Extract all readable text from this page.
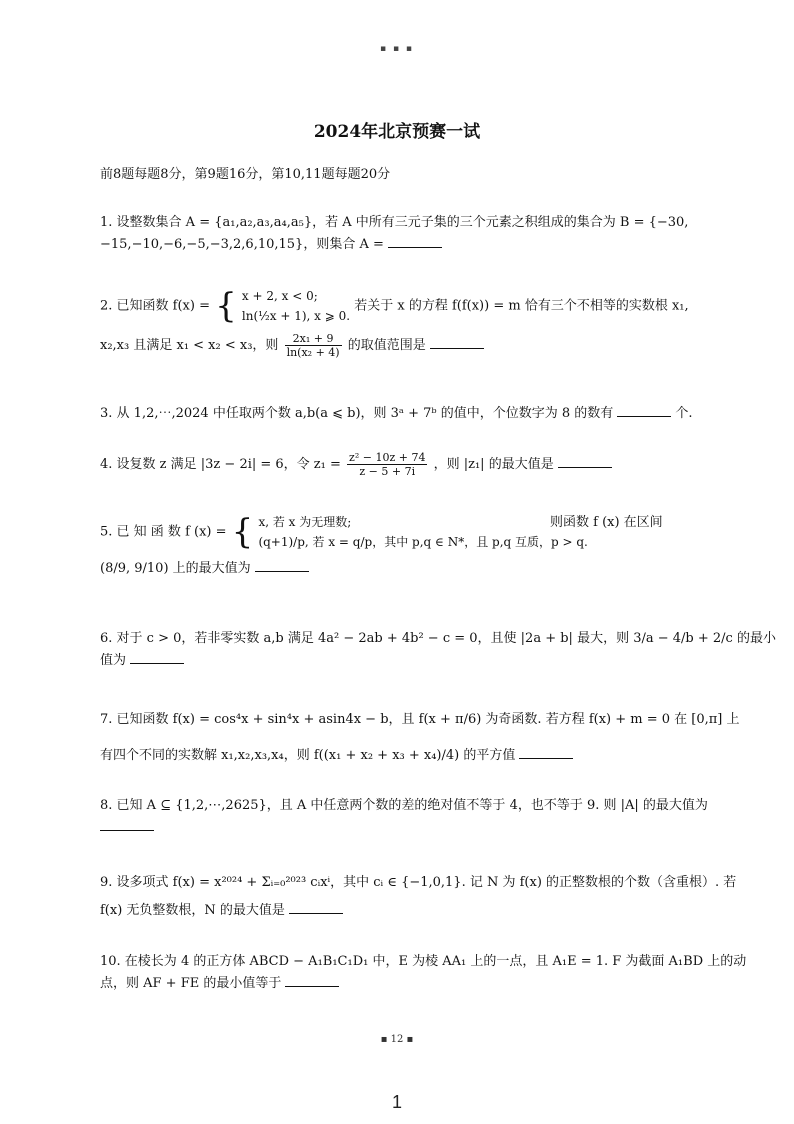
▪ ▪ ▪
2024年北京预赛一试
前8题每题8分，第9题16分，第10,11题每题20分
1. 设整数集合 A = {a₁,a₂,a₃,a₄,a₅}，若 A 中所有三元子集的三个元素之积组成的集合为 B = {−30,
−15,−10,−6,−5,−3,2,6,10,15}，则集合 A =
2. 已知函数 f(x) = { x + 2, x < 0;
ln(½x + 1), x ⩾ 0.
若关于 x 的方程 f(f(x)) = m 恰有三个不相等的实数根 x₁,
x₂,x₃ 且满足 x₁ < x₂ < x₃，则 $\frac{\text{2x₁ + 9}}{\text{ln(x₂ + 4)}}$ 的取值范围是
3. 从 1,2,⋯,2024 中任取两个数 a,b(a ⩽ b)，则 3ᵃ + 7ᵇ 的值中，个位数字为 8 的数有	个.
4. 设复数 z 满足 |3z − 2i| = 6，令 $z_1 = \frac{\text{z² − 10z + 74}}{z - 5 + 7i}$ ，则 |z₁| 的最大值是
5. 已 知 函 数 f (x) = { x, 若 x 为无理数;
(q+1)/p, 若 x = q/p，其中 p,q ∈ N*，且 p,q 互质，p > q.
则函数 f (x) 在区间
(8/9, 9/10) 上的最大值为
6. 对于 c > 0，若非零实数 a,b 满足 4a² − 2ab + 4b² − c = 0，且使 |2a + b| 最大，则 3/a − 4/b + 2/c 的最小
值为
7. 已知函数 f(x) = cos⁴x + sin⁴x + asin4x − b，且 f(x + π/6) 为奇函数. 若方程 f(x) + m = 0 在 [0,π] 上
有四个不同的实数解 x₁,x₂,x₃,x₄，则 f((x₁ + x₂ + x₃ + x₄)/4) 的平方值
8. 已知 A ⊆ {1,2,⋯,2625}，且 A 中任意两个数的差的绝对值不等于 4，也不等于 9. 则 |A| 的最大值为
9. 设多项式 f(x) = x²⁰²⁴ + Σᵢ₌₀²⁰²³ cᵢxⁱ，其中 cᵢ ∈ {−1,0,1}. 记 N 为 f(x) 的正整数根的个数（含重根）. 若
f(x) 无负整数根，N 的最大值是
10. 在棱长为 4 的正方体 ABCD − A₁B₁C₁D₁ 中，E 为棱 AA₁ 上的一点，且 A₁E = 1. F 为截面 A₁BD 上的动
点，则 AF + FE 的最小值等于
▪ 12 ▪
1
